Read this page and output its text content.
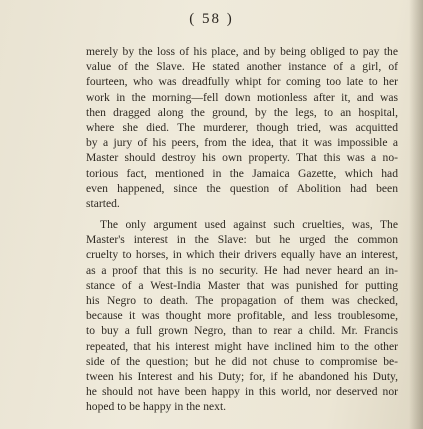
( 58 )
merely by the loss of his place, and by being obliged to pay the
value of the Slave. He stated another instance of a girl, of
fourteen, who was dreadfully whipt for coming too late to her
work in the morning—fell down motionless after it, and was
then dragged along the ground, by the legs, to an hospital,
where she died. The murderer, though tried, was acquitted
by a jury of his peers, from the idea, that it was impossible a
Master should destroy his own property. That this was a no-
torious fact, mentioned in the Jamaica Gazette, which had
even happened, since the question of Abolition had been
started.
The only argument used against such cruelties, was, The
Master's interest in the Slave: but he urged the common
cruelty to horses, in which their drivers equally have an interest,
as a proof that this is no security. He had never heard an in-
stance of a West-India Master that was punished for putting
his Negro to death. The propagation of them was checked,
because it was thought more profitable, and less troublesome,
to buy a full grown Negro, than to rear a child. Mr. Francis
repeated, that his interest might have inclined him to the other
side of the question; but he did not chuse to compromise be-
tween his Interest and his Duty; for, if he abandoned his Duty,
he should not have been happy in this world, nor deserved nor
hoped to be happy in the next.
